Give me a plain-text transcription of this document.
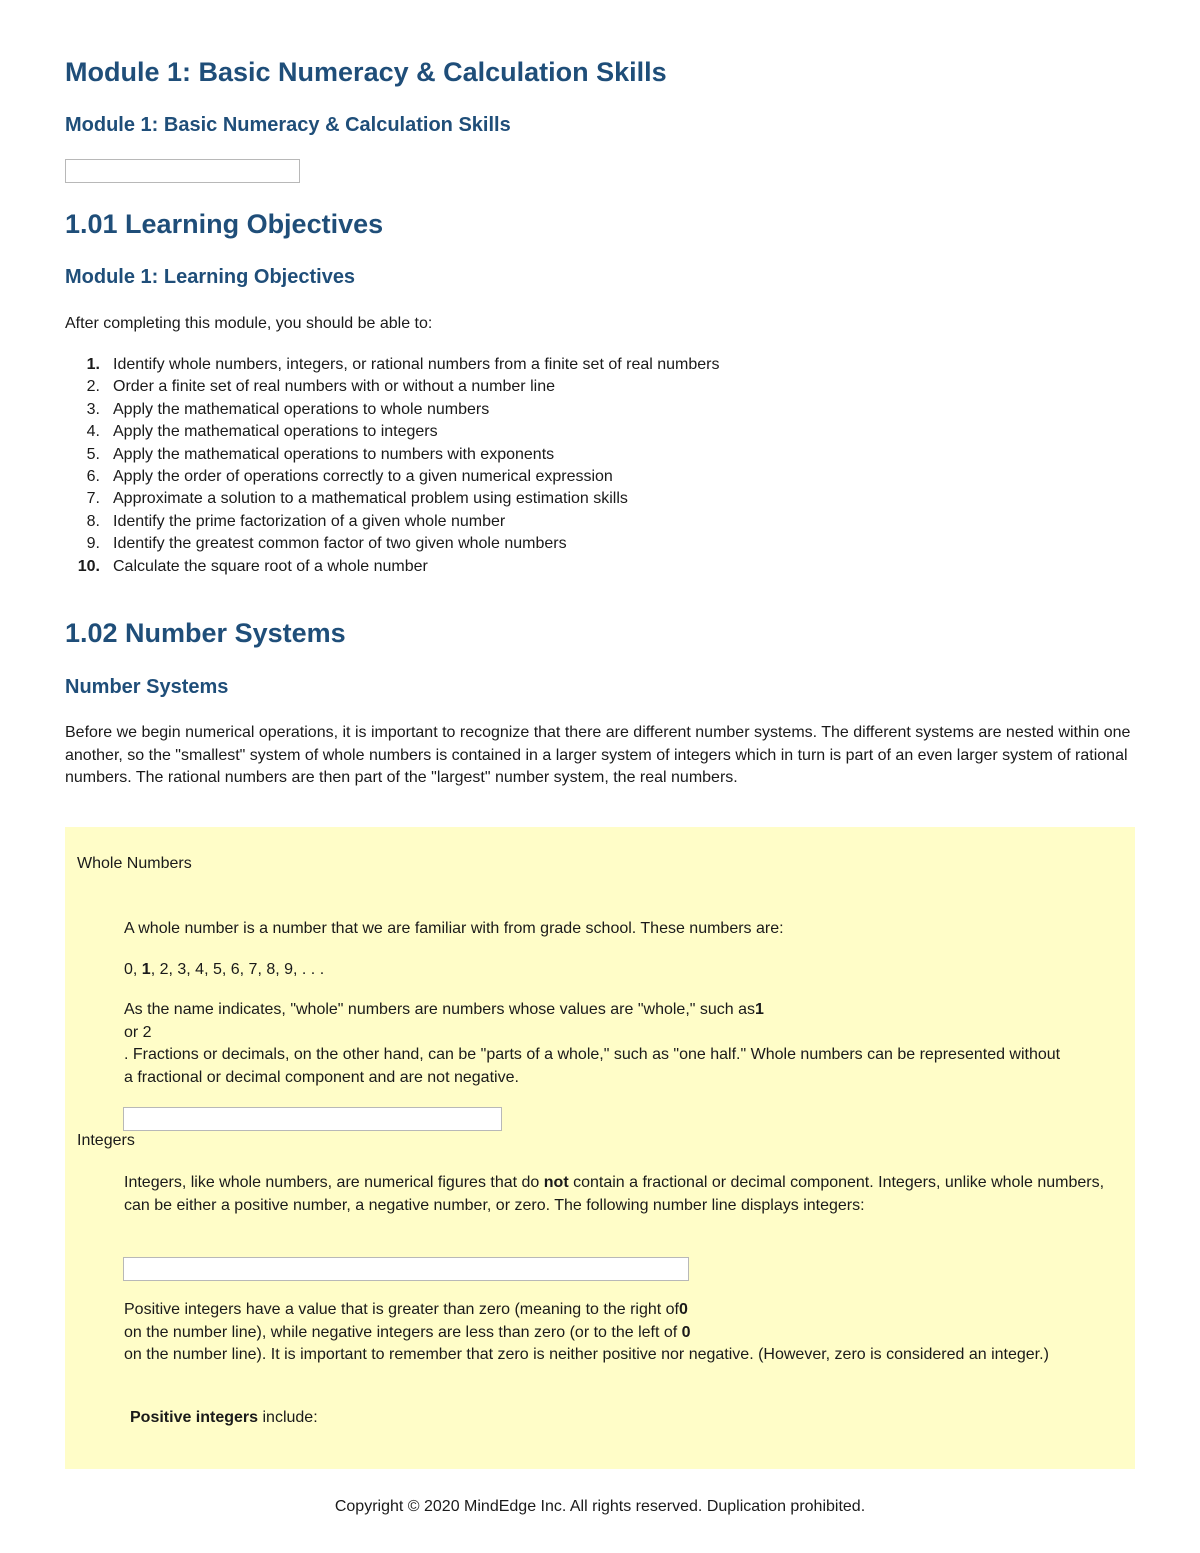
Module 1: Basic Numeracy & Calculation Skills
Module 1: Basic Numeracy & Calculation Skills
1.01 Learning Objectives
Module 1: Learning Objectives

After completing this module, you should be able to:

1. Identify whole numbers, integers, or rational numbers from a finite set of real numbers
2. Order a finite set of real numbers with or without a number line
3. Apply the mathematical operations to whole numbers
4. Apply the mathematical operations to integers
5. Apply the mathematical operations to numbers with exponents
6. Apply the order of operations correctly to a given numerical expression
7. Approximate a solution to a mathematical problem using estimation skills
8. Identify the prime factorization of a given whole number
9. Identify the greatest common factor of two given whole numbers
10. Calculate the square root of a whole number
1.02 Number Systems
Number Systems

Before we begin numerical operations, it is important to recognize that there are different number systems. The different systems are nested within one another, so the "smallest" system of whole numbers is contained in a larger system of integers which in turn is part of an even larger system of rational numbers. The rational numbers are then part of the "largest" number system, the real numbers.

Whole Numbers

A whole number is a number that we are familiar with from grade school. These numbers are:

0, 1, 2, 3, 4, 5, 6, 7, 8, 9, . . .

As the name indicates, "whole" numbers are numbers whose values are "whole," such as1
or 2
. Fractions or decimals, on the other hand, can be "parts of a whole," such as "one half." Whole numbers can be represented without a fractional or decimal component and are not negative.
Integers

Integers, like whole numbers, are numerical figures that do not contain a fractional or decimal component. Integers, unlike whole numbers, can be either a positive number, a negative number, or zero. The following number line displays integers:

Positive integers have a value that is greater than zero (meaning to the right of0
on the number line), while negative integers are less than zero (or to the left of 0
on the number line). It is important to remember that zero is neither positive nor negative. (However, zero is considered an integer.)

Positive integers include:

Copyright © 2020 MindEdge Inc. All rights reserved. Duplication prohibited.
